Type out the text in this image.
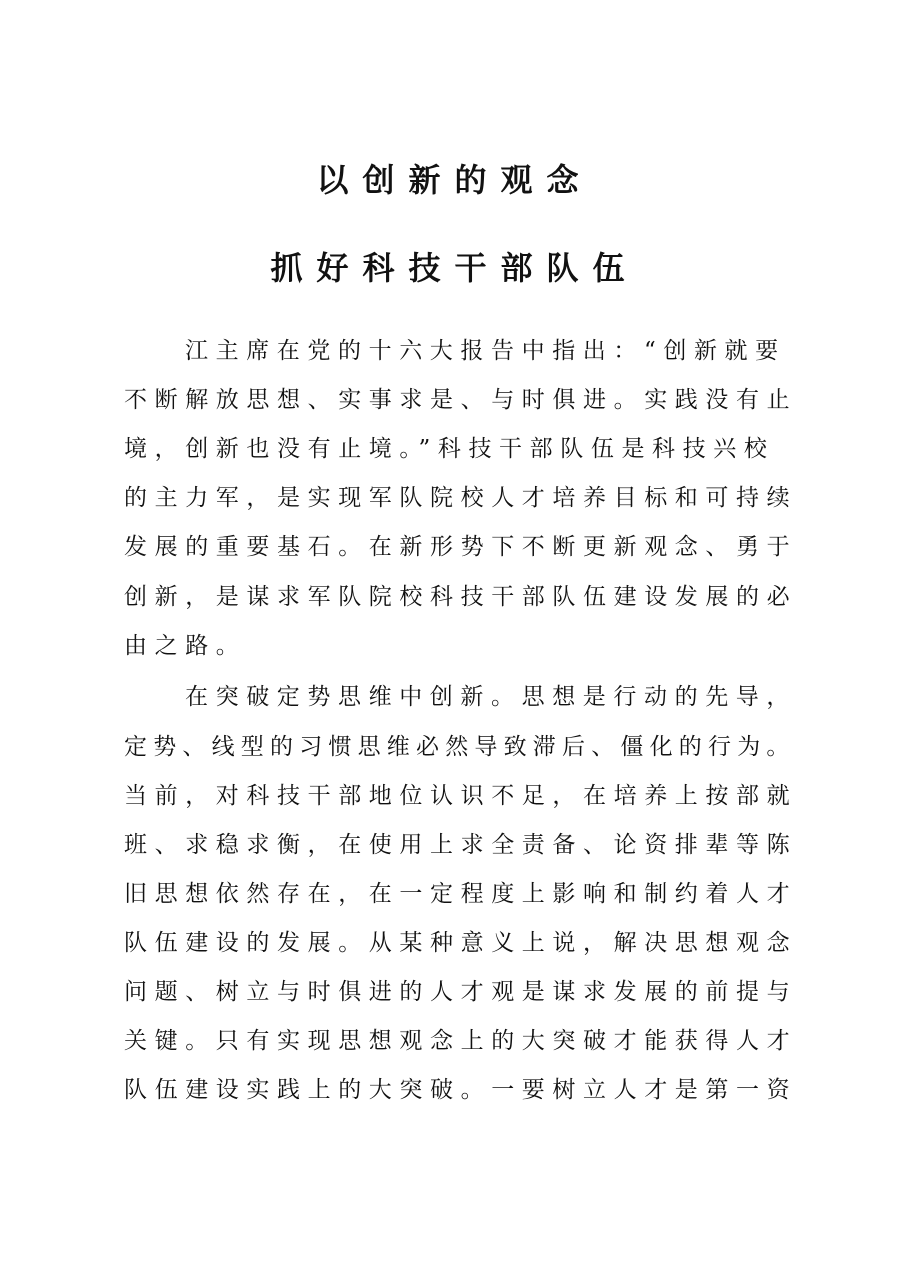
以创新的观念
抓好科技干部队伍
江主席在党的十六大报告中指出：“创新就要
不断解放思想、实事求是、与时俱进。实践没有止
境，创新也没有止境。”科技干部队伍是科技兴校
的主力军，是实现军队院校人才培养目标和可持续
发展的重要基石。在新形势下不断更新观念、勇于
创新，是谋求军队院校科技干部队伍建设发展的必
由之路。
在突破定势思维中创新。思想是行动的先导，
定势、线型的习惯思维必然导致滞后、僵化的行为。
当前，对科技干部地位认识不足，在培养上按部就
班、求稳求衡，在使用上求全责备、论资排辈等陈
旧思想依然存在，在一定程度上影响和制约着人才
队伍建设的发展。从某种意义上说，解决思想观念
问题、树立与时俱进的人才观是谋求发展的前提与
关键。只有实现思想观念上的大突破才能获得人才
队伍建设实践上的大突破。一要树立人才是第一资
